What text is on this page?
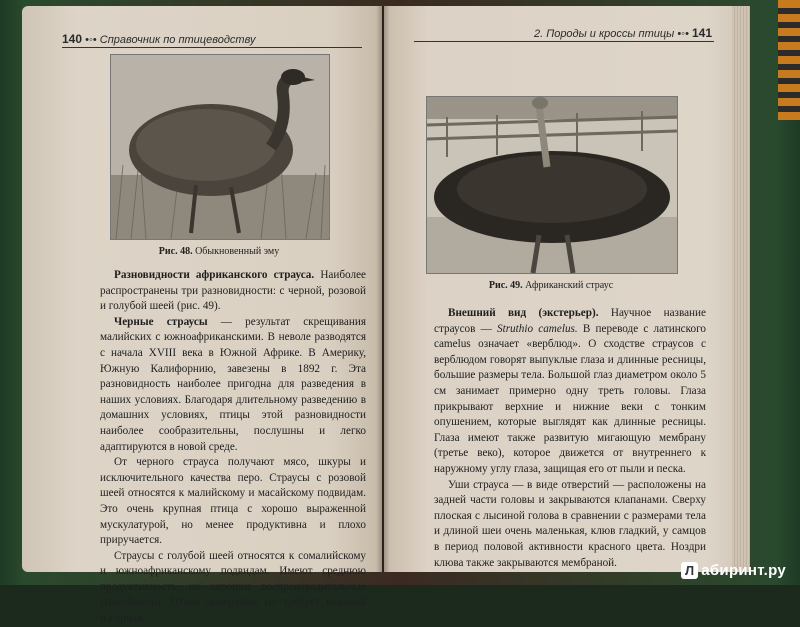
140 •◦• Справочник по птицеводству
Рис. 48. Обыкновенный эму

Разновидности африканского страуса. Наиболее распространены три разновидности: с черной, розовой и голубой шеей (рис. 49).

Черные страусы — результат скрещивания малийских с южноафриканскими. В неволе разводятся с начала XVIII века в Южной Африке. В Америку, Южную Калифорнию, завезены в 1892 г. Эта разновидность наиболее пригодна для разведения в наших условиях. Благодаря длительному разведению в домашних условиях, птицы этой разновидности наиболее сообразительны, послушны и легко адаптируются в новой среде.

От черного страуса получают мясо, шкуры и исключительного качества перо. Страусы с розовой шеей относятся к малийскому и масайскому подвидам. Это очень крупная птица с хорошо выраженной мускулатурой, но менее продуктивна и плохо приручается.

Страусы с голубой шеей относятся к сомалийскому и южноафриканскому подвидам. Имеют среднюю продуктивность, но хорошие воспроизводительные способности. Птица доверчива, но требует высокой изгороди.

2. Породы и кроссы птицы •◦• 141
Рис. 49. Африканский страус

Внешний вид (экстерьер). Научное название страусов — Struthio camelus. В переводе с латинского camelus означает «верблюд». О сходстве страусов с верблюдом говорят выпуклые глаза и длинные ресницы, большие размеры тела. Большой глаз диаметром около 5 см занимает примерно одну треть головы. Глаза прикрывают верхние и нижние веки с тонким опушением, которые выглядят как длинные ресницы. Глаза имеют также развитую мигающую мембрану (третье веко), которое движется от внутреннего к наружному углу глаза, защищая его от пыли и песка.

Уши страуса — в виде отверстий — расположены на задней части головы и закрываются клапанами. Сверху плоская с лысиной голова в сравнении с размерами тела и длиной шеи очень маленькая, клюв гладкий, у самцов в период половой активности красного цвета. Ноздри клюва также закрываются мембраной.

Л абиринт.ру
